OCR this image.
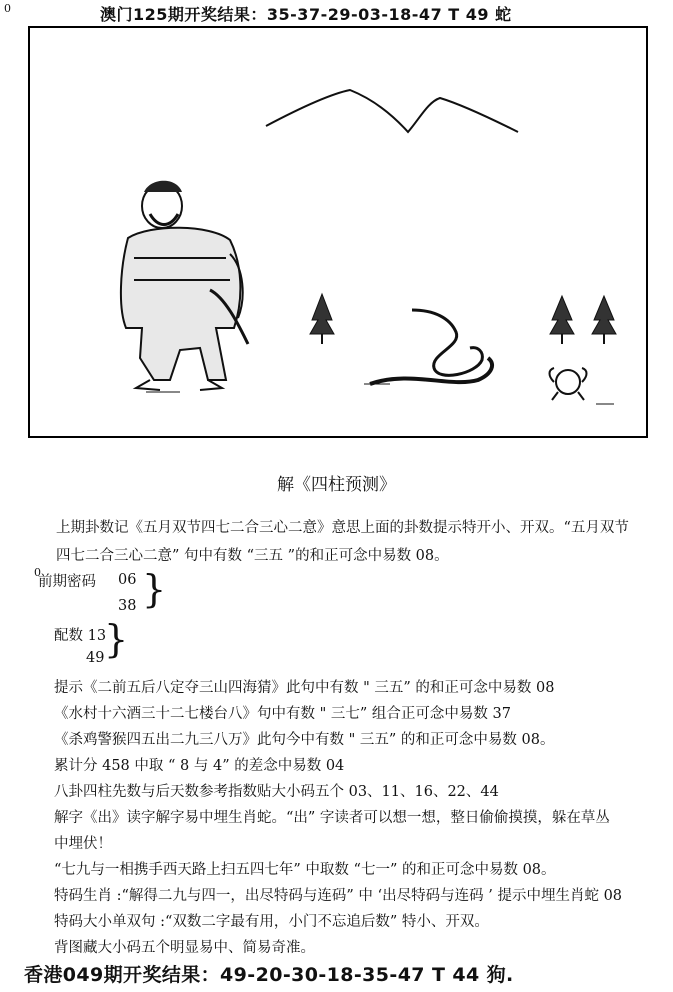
0	澳门125期开奖结果：35-37-29-03-18-47 T 49 蛇
解《四柱预测》
上期卦数记《五月双节四七二合三心二意》意思上面的卦数提示特开小、开双。“五月双节
四七二合三心二意” 句中有数 “三五 ”的和正可念中易数 08。
0
前期密码 06
38 }
配数 13
49 }
提示《二前五后八定夺三山四海猜》此句中有数 " 三五” 的和正可念中易数 08
《水村十六酒三十二七楼台八》句中有数 " 三七” 组合正可念中易数 37
《杀鸡警猴四五出二九三八万》此句今中有数 " 三五” 的和正可念中易数 08。
累计分 458 中取 “ 8 与 4” 的差念中易数 04
八卦四柱先数与后天数参考指数贴大小码五个 03、11、16、22、44
解字《出》读字解字易中埋生肖蛇。“出” 字读者可以想一想，整日偷偷摸摸，躲在草丛
中埋伏！
“七九与一相携手西天路上扫五四七年” 中取数 “七一” 的和正可念中易数 08。
特码生肖 :“解得二九与四一，出尽特码与连码” 中 ‘出尽特码与连码 ’ 提示中埋生肖蛇 08
特码大小单双句 :“双数二字最有用，小门不忘追后数” 特小、开双。
背图藏大小码五个明显易中、简易奇准。
香港049期开奖结果：49-20-30-18-35-47 T 44 狗.
